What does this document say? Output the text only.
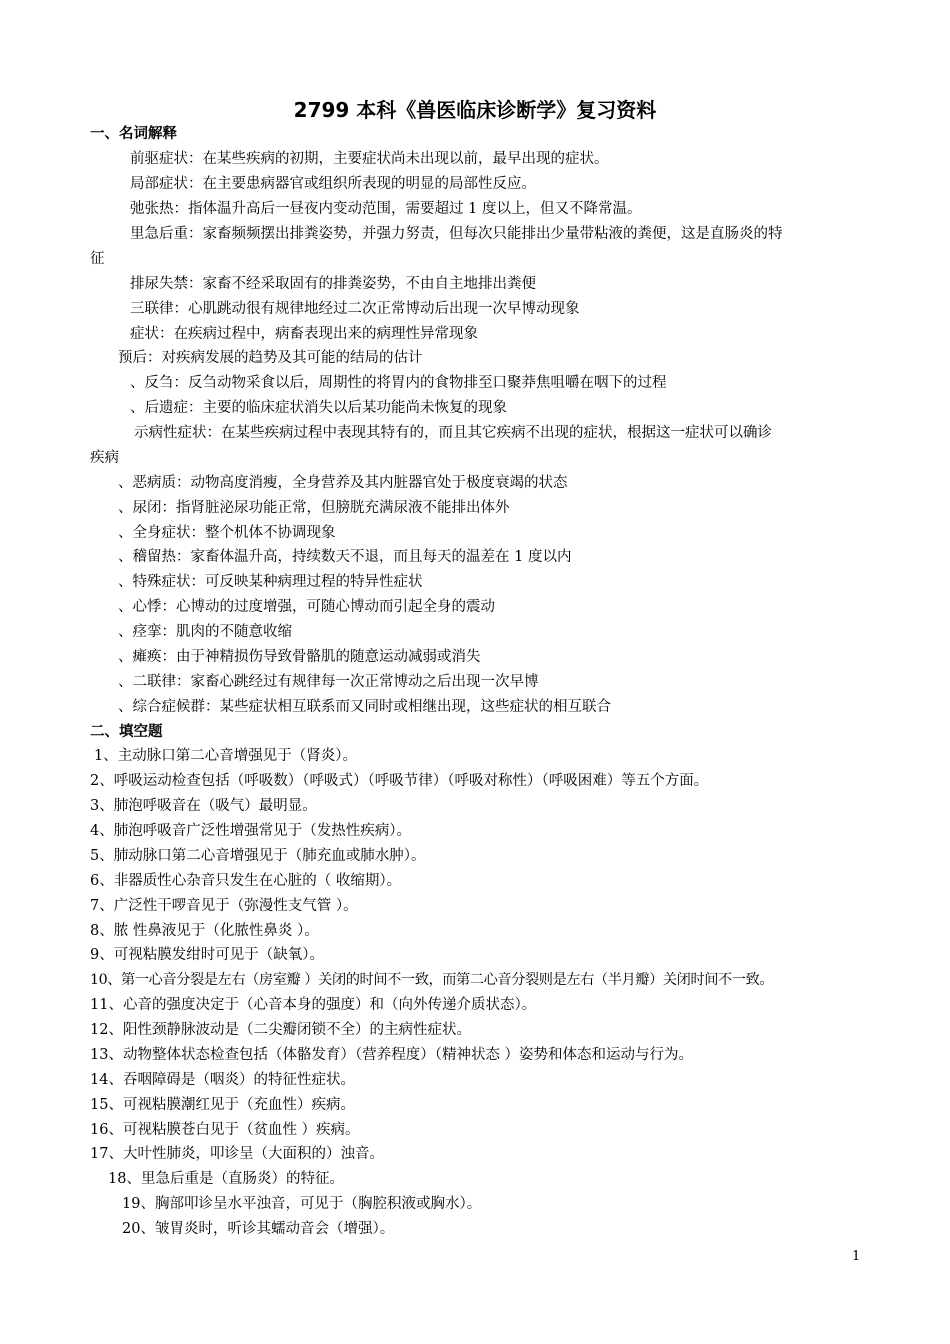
2799 本科《兽医临床诊断学》复习资料
一、名词解释
前驱症状：在某些疾病的初期，主要症状尚未出现以前，最早出现的症状。
局部症状：在主要患病器官或组织所表现的明显的局部性反应。
弛张热：指体温升高后一昼夜内变动范围，需要超过 1 度以上，但又不降常温。
里急后重：家畜频频摆出排粪姿势，并强力努责，但每次只能排出少量带粘液的粪便，这是直肠炎的特
征
排尿失禁：家畜不经采取固有的排粪姿势，不由自主地排出粪便
三联律：心肌跳动很有规律地经过二次正常博动后出现一次早博动现象
症状：在疾病过程中，病畜表现出来的病理性异常现象
预后：对疾病发展的趋势及其可能的结局的估计
、反刍：反刍动物采食以后，周期性的将胃内的食物排至口聚莽焦咀嚼在咽下的过程
、后遗症：主要的临床症状消失以后某功能尚未恢复的现象
示病性症状：在某些疾病过程中表现其特有的，而且其它疾病不出现的症状，根据这一症状可以确诊
疾病
、恶病质：动物高度消瘦，全身营养及其内脏器官处于极度衰竭的状态
、尿闭：指肾脏泌尿功能正常，但膀胱充满尿液不能排出体外
、全身症状：整个机体不协调现象
、稽留热：家畜体温升高，持续数天不退，而且每天的温差在 1 度以内
、特殊症状：可反映某种病理过程的特异性症状
、心悸：心博动的过度增强，可随心博动而引起全身的震动
、痉挛：肌肉的不随意收缩
、瘫痪：由于神精损伤导致骨骼肌的随意运动减弱或消失
、二联律：家畜心跳经过有规律每一次正常博动之后出现一次早博
、综合症候群：某些症状相互联系而又同时或相继出现，这些症状的相互联合
二、填空题
1、主动脉口第二心音增强见于（肾炎）。
2、呼吸运动检查包括（呼吸数）（呼吸式）（呼吸节律）（呼吸对称性）（呼吸困难）等五个方面。
3、肺泡呼吸音在（吸气）最明显。
4、肺泡呼吸音广泛性增强常见于（发热性疾病）。
5、肺动脉口第二心音增强见于（肺充血或肺水肿）。
6、非器质性心杂音只发生在心脏的（ 收缩期）。
7、广泛性干啰音见于（弥漫性支气管 ）。
8、脓 性鼻液见于（化脓性鼻炎 ）。
9、可视粘膜发绀时可见于（缺氧）。
10、第一心音分裂是左右（房室瓣 ）关闭的时间不一致，而第二心音分裂则是左右（半月瓣）关闭时间不一致。
11、心音的强度决定于（心音本身的强度）和（向外传递介质状态）。
12、阳性颈静脉波动是（二尖瓣闭锁不全）的主病性症状。
13、动物整体状态检查包括（体骼发育）（营养程度）（精神状态 ）姿势和体态和运动与行为。
14、吞咽障碍是（咽炎）的特征性症状。
15、可视粘膜潮红见于（充血性）疾病。
16、可视粘膜苍白见于（贫血性 ）疾病。
17、大叶性肺炎，叩诊呈（大面积的）浊音。
18、里急后重是（直肠炎）的特征。
19、胸部叩诊呈水平浊音，可见于（胸腔积液或胸水）。
20、皱胃炎时，听诊其蠕动音会（增强）。
1
